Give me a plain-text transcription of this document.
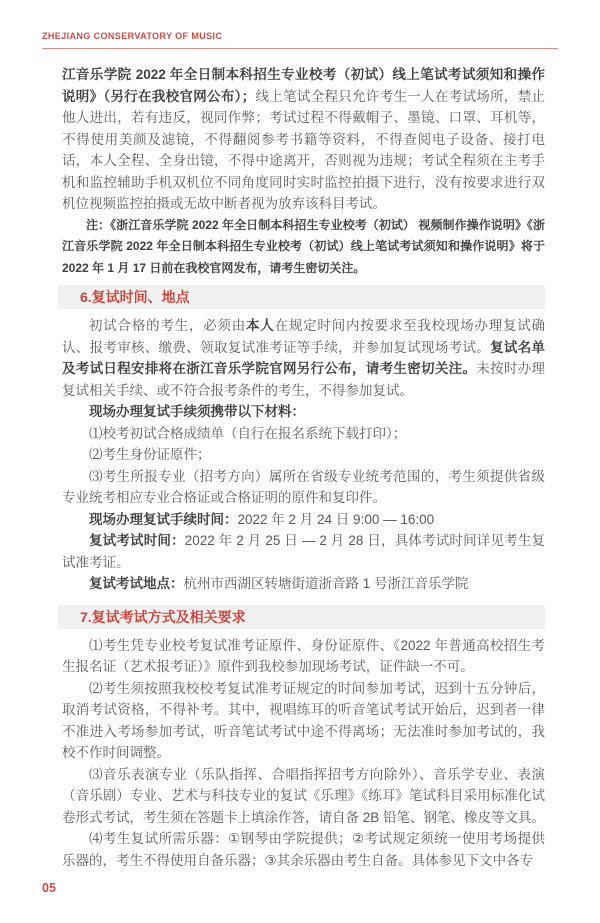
ZHEJIANG CONSERVATORY OF MUSIC

江音乐学院 2022 年全日制本科招生专业校考（初试）线上笔试考试须知和操作说明》（另行在我校官网公布）；线上笔试全程只允许考生一人在考试场所，禁止他人进出，若有违反，视同作弊；考试过程不得戴帽子、墨镜、口罩、耳机等，不得使用美颜及滤镜，不得翻阅参考书籍等资料，不得查阅电子设备、接打电话，本人全程、全身出镜，不得中途离开，否则视为违规；考试全程须在主考手机和监控辅助手机双机位不同角度同时实时监控拍摄下进行，没有按要求进行双机位视频监控拍摄或无故中断者视为放弃该科目考试。

注：《浙江音乐学院 2022 年全日制本科招生专业校考（初试） 视频制作操作说明》《浙江音乐学院 2022 年全日制本科招生专业校考（初试）线上笔试考试须知和操作说明》将于 2022 年 1 月 17 日前在我校官网发布，请考生密切关注。

6.复试时间、地点

初试合格的考生，必须由本人在规定时间内按要求至我校现场办理复试确认、报考审核、缴费、领取复试准考证等手续，并参加复试现场考试。复试名单及考试日程安排将在浙江音乐学院官网另行公布，请考生密切关注。未按时办理复试相关手续、或不符合报考条件的考生，不得参加复试。

现场办理复试手续须携带以下材料：

⑴校考初试合格成绩单（自行在报名系统下载打印）；

⑵考生身份证原件；

⑶考生所报专业（招考方向）属所在省级专业统考范围的，考生须提供省级专业统考相应专业合格证或合格证明的原件和复印件。

现场办理复试手续时间：2022 年 2 月 24 日 9:00 — 16:00

复试考试时间：2022 年 2 月 25 日 — 2 月 28 日，具体考试时间详见考生复试准考证。

复试考试地点：杭州市西湖区转塘街道浙音路 1 号浙江音乐学院

7.复试考试方式及相关要求

⑴考生凭专业校考复试准考证原件、身份证原件、《2022 年普通高校招生考生报名证（艺术报考证）》原件到我校参加现场考试，证件缺一不可。

⑵考生须按照我校校考复试准考证规定的时间参加考试，迟到十五分钟后，取消考试资格，不得补考。其中，视唱练耳的听音笔试考试开始后，迟到者一律不准进入考场参加考试，听音笔试考试中途不得离场；无法准时参加考试的，我校不作时间调整。

⑶音乐表演专业（乐队指挥、合唱指挥招考方向除外）、音乐学专业、表演（音乐剧）专业、艺术与科技专业的复试《乐理》《练耳》笔试科目采用标准化试卷形式考试，考生须在答题卡上填涂作答，请自备 2B 铅笔、钢笔、橡皮等文具。

⑷考生复试所需乐器：①钢琴由学院提供；②考试规定须统一使用考场提供乐器的，考生不得使用自备乐器；③其余乐器由考生自备。具体参见下文中各专

05
